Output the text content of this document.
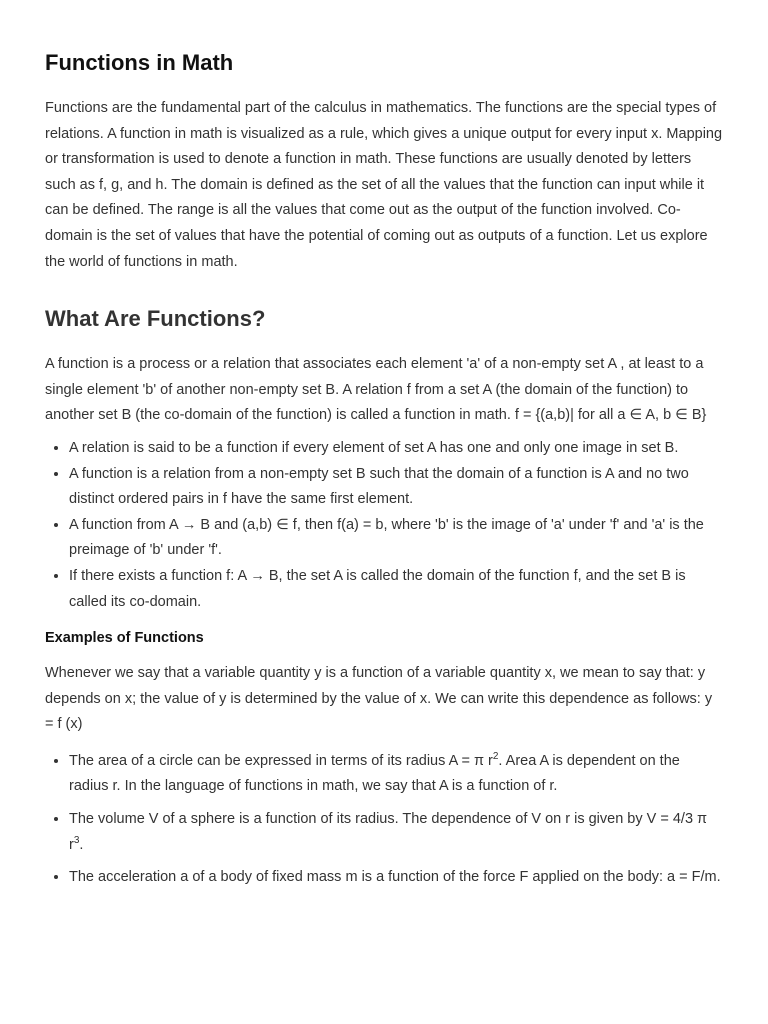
Functions in Math

Functions are the fundamental part of the calculus in mathematics. The functions are the special types of relations. A function in math is visualized as a rule, which gives a unique output for every input x. Mapping or transformation is used to denote a function in math. These functions are usually denoted by letters such as f, g, and h. The domain is defined as the set of all the values that the function can input while it can be defined. The range is all the values that come out as the output of the function involved. Co-domain is the set of values that have the potential of coming out as outputs of a function. Let us explore the world of functions in math.

What Are Functions?

A function is a process or a relation that associates each element 'a' of a non-empty set A , at least to a single element 'b' of another non-empty set B. A relation f from a set A (the domain of the function) to another set B (the co-domain of the function) is called a function in math. f = {(a,b)| for all a ∈ A, b ∈ B}

• A relation is said to be a function if every element of set A has one and only one image in set B.
• A function is a relation from a non-empty set B such that the domain of a function is A and no two distinct ordered pairs in f have the same first element.
• A function from A → B and (a,b) ∈ f, then f(a) = b, where 'b' is the image of 'a' under 'f' and 'a' is the preimage of 'b' under 'f'.
• If there exists a function f: A → B, the set A is called the domain of the function f, and the set B is called its co-domain.
Examples of Functions

Whenever we say that a variable quantity y is a function of a variable quantity x, we mean to say that: y depends on x; the value of y is determined by the value of x. We can write this dependence as follows: y = f (x)

• The area of a circle can be expressed in terms of its radius A = π $r^2$. Area A is dependent on the radius r. In the language of functions in math, we say that A is a function of r.
• The volume V of a sphere is a function of its radius. The dependence of V on r is given by V = 4/3 π $r^3$.
• The acceleration a of a body of fixed mass m is a function of the force F applied on the body: a = F/m.
